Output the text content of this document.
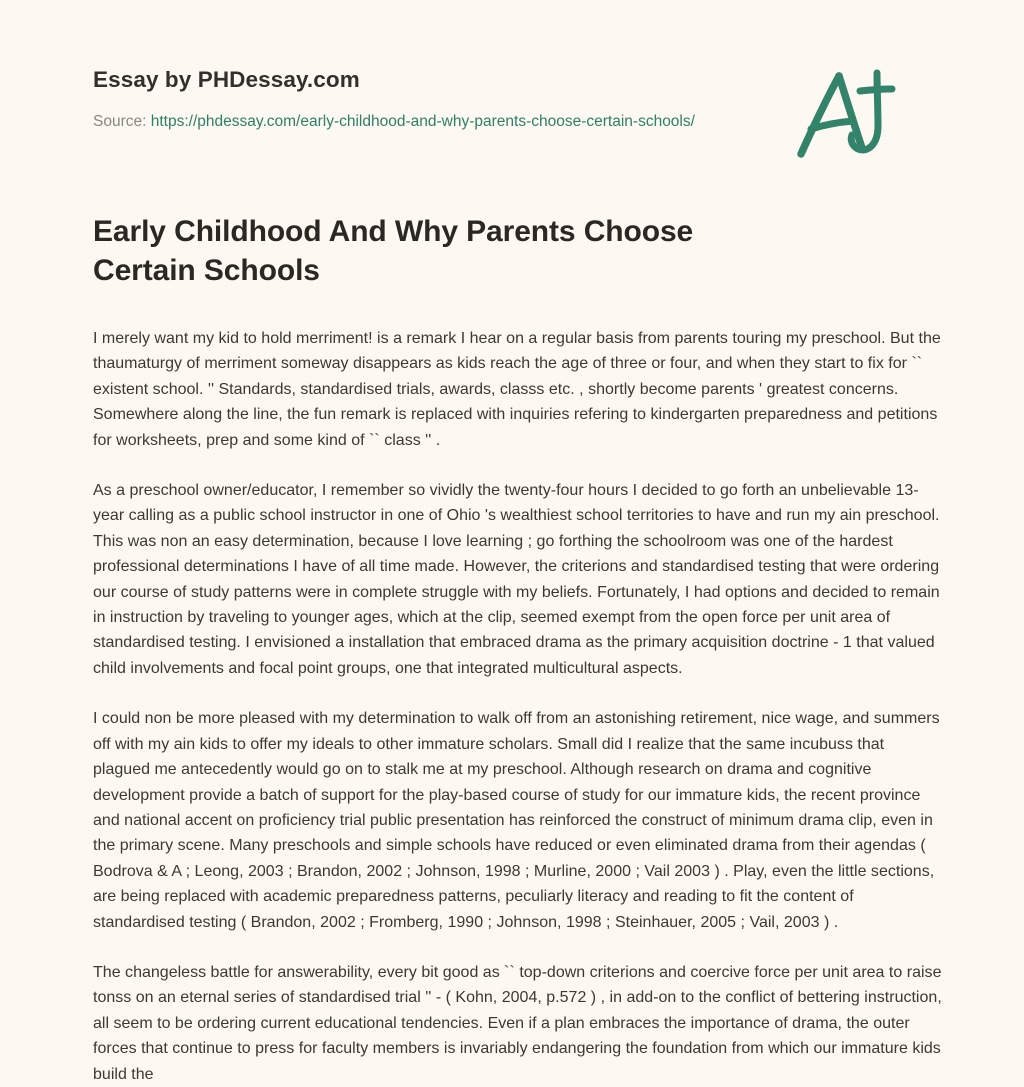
Essay by PHDessay.com
Source: https://phdessay.com/early-childhood-and-why-parents-choose-certain-schools/
Early Childhood And Why Parents Choose Certain Schools

I merely want my kid to hold merriment! is a remark I hear on a regular basis from parents touring my preschool. But the thaumaturgy of merriment someway disappears as kids reach the age of three or four, and when they start to fix for `` existent school. '' Standards, standardised trials, awards, classs etc. , shortly become parents ' greatest concerns. Somewhere along the line, the fun remark is replaced with inquiries refering to kindergarten preparedness and petitions for worksheets, prep and some kind of `` class '' .

As a preschool owner/educator, I remember so vividly the twenty-four hours I decided to go forth an unbelievable 13-year calling as a public school instructor in one of Ohio 's wealthiest school territories to have and run my ain preschool. This was non an easy determination, because I love learning ; go forthing the schoolroom was one of the hardest professional determinations I have of all time made. However, the criterions and standardised testing that were ordering our course of study patterns were in complete struggle with my beliefs. Fortunately, I had options and decided to remain in instruction by traveling to younger ages, which at the clip, seemed exempt from the open force per unit area of standardised testing. I envisioned a installation that embraced drama as the primary acquisition doctrine - 1 that valued child involvements and focal point groups, one that integrated multicultural aspects.

I could non be more pleased with my determination to walk off from an astonishing retirement, nice wage, and summers off with my ain kids to offer my ideals to other immature scholars. Small did I realize that the same incubuss that plagued me antecedently would go on to stalk me at my preschool. Although research on drama and cognitive development provide a batch of support for the play-based course of study for our immature kids, the recent province and national accent on proficiency trial public presentation has reinforced the construct of minimum drama clip, even in the primary scene. Many preschools and simple schools have reduced or even eliminated drama from their agendas ( Bodrova & A ; Leong, 2003 ; Brandon, 2002 ; Johnson, 1998 ; Murline, 2000 ; Vail 2003 ) . Play, even the little sections, are being replaced with academic preparedness patterns, peculiarly literacy and reading to fit the content of standardised testing ( Brandon, 2002 ; Fromberg, 1990 ; Johnson, 1998 ; Steinhauer, 2005 ; Vail, 2003 ) .

The changeless battle for answerability, every bit good as `` top-down criterions and coercive force per unit area to raise tonss on an eternal series of standardised trial '' - ( Kohn, 2004, p.572 ) , in add-on to the conflict of bettering instruction, all seem to be ordering current educational tendencies. Even if a plan embraces the importance of drama, the outer forces that continue to press for faculty members is invariably endangering the foundation from which our immature kids build the
